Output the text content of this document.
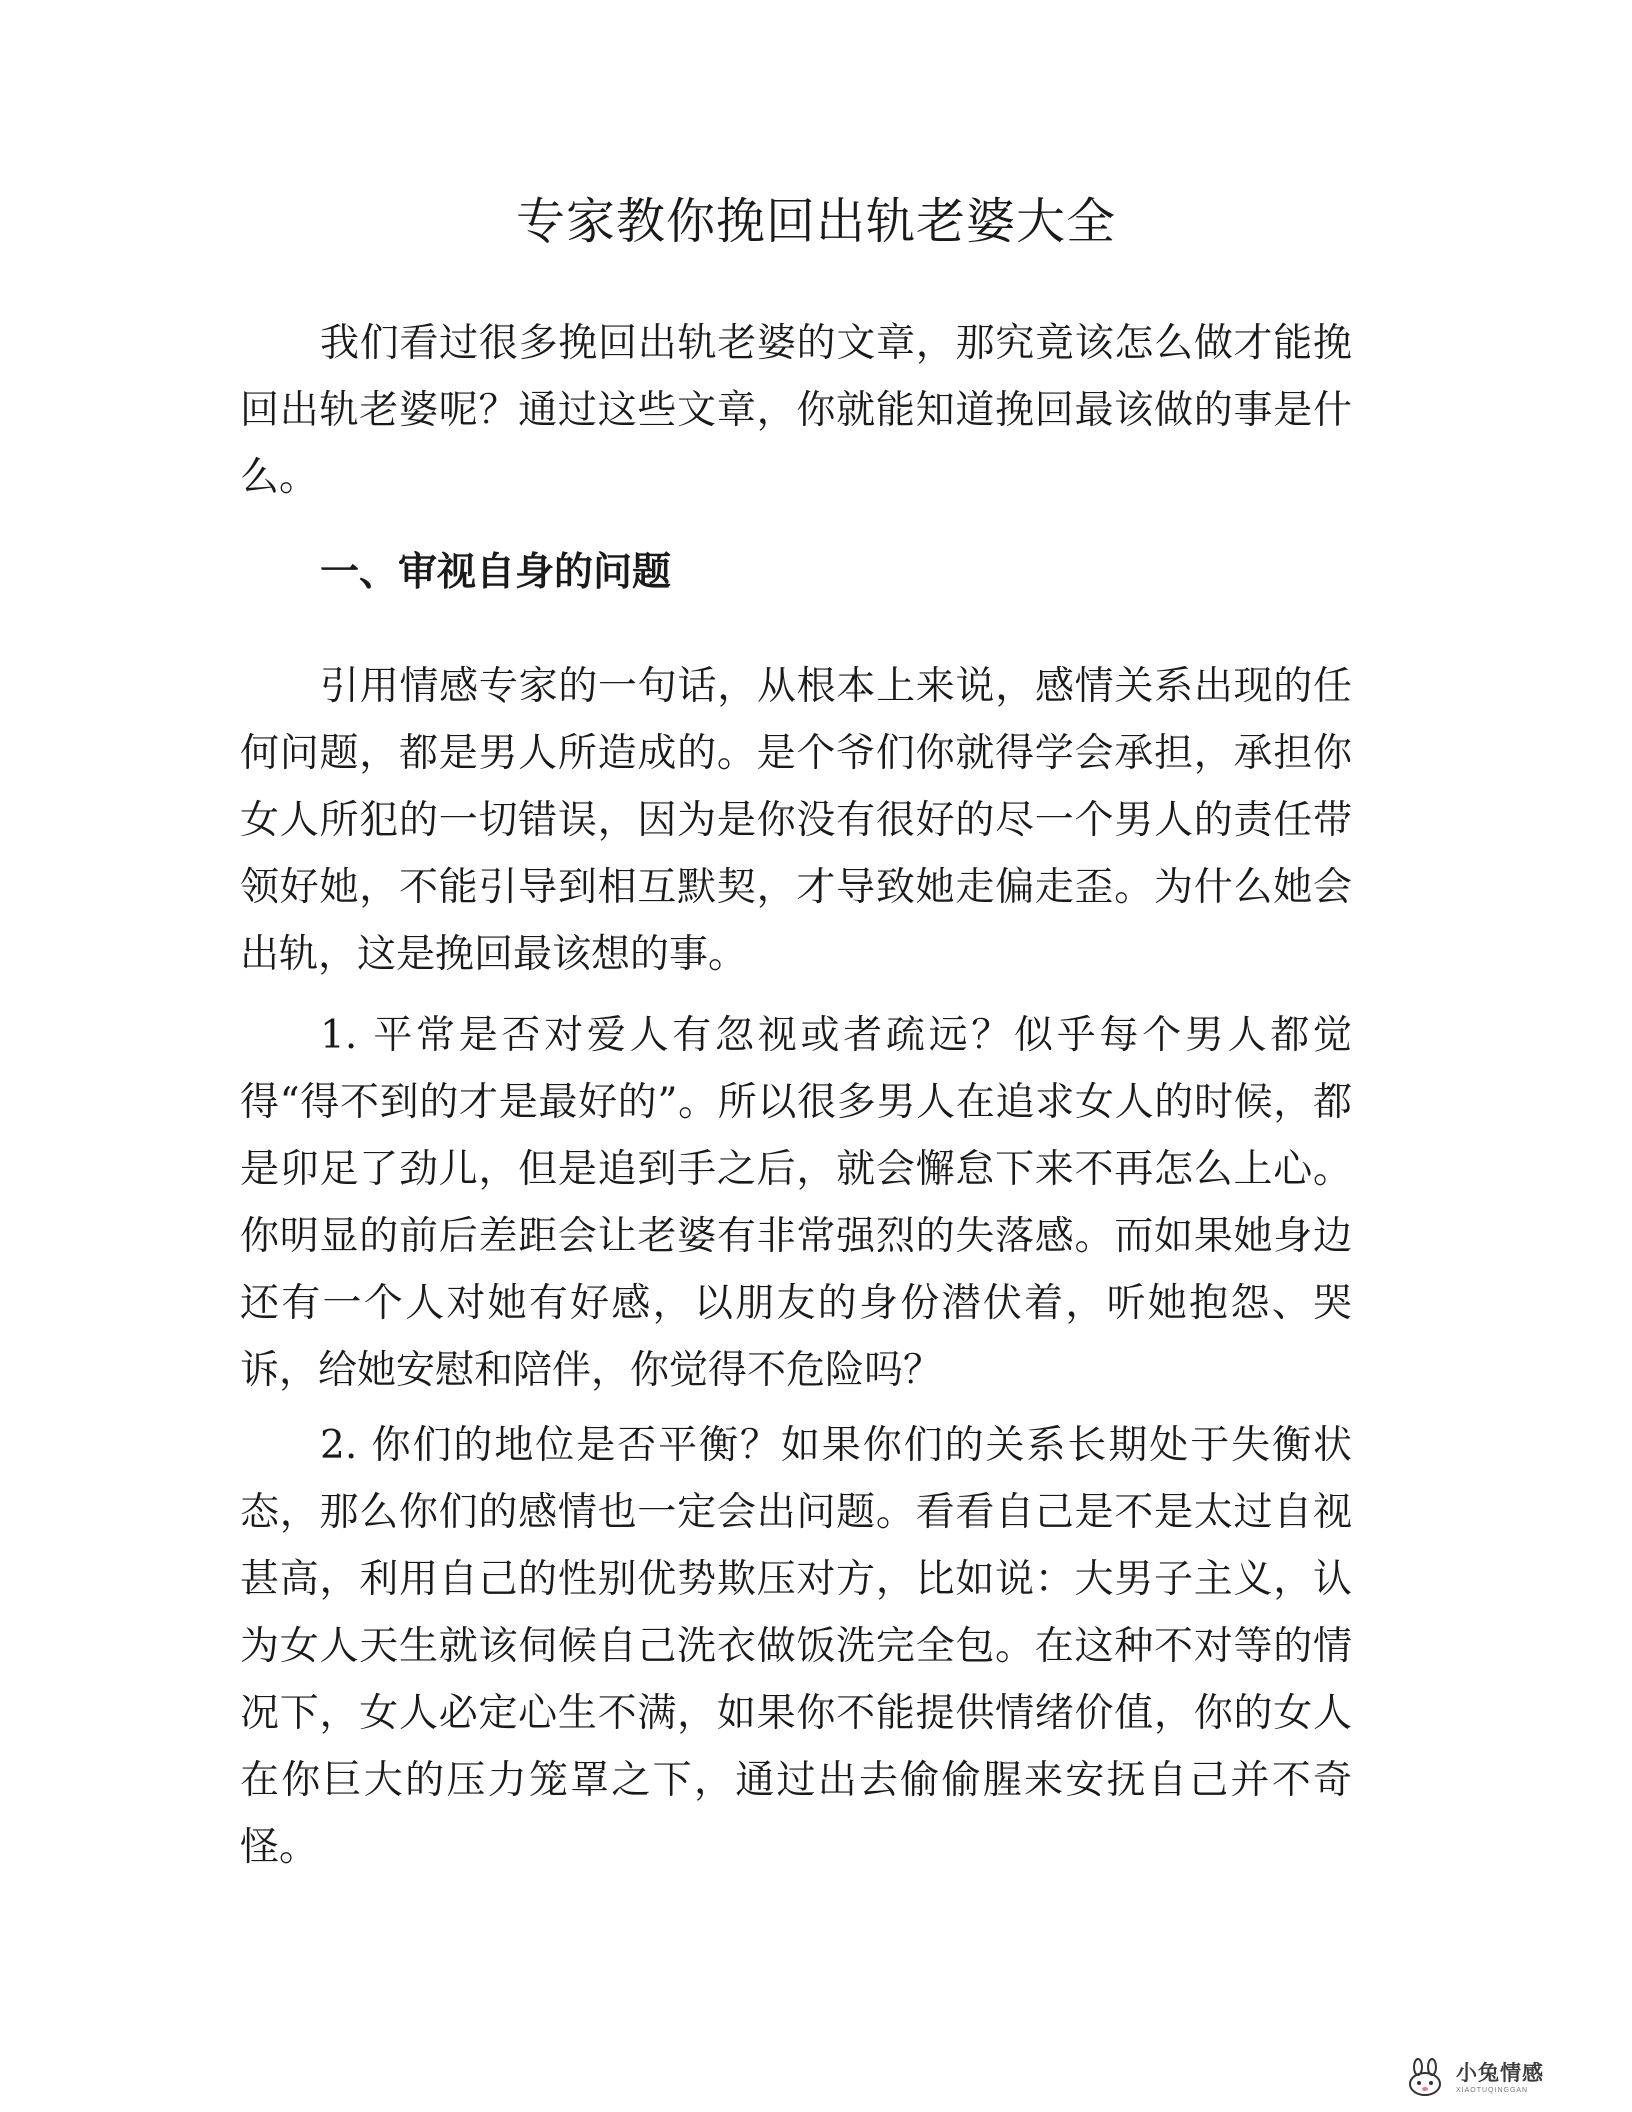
专家教你挽回出轨老婆大全

我们看过很多挽回出轨老婆的文章，那究竟该怎么做才能挽回出轨老婆呢？通过这些文章，你就能知道挽回最该做的事是什么。

一、审视自身的问题

引用情感专家的一句话，从根本上来说，感情关系出现的任何问题，都是男人所造成的。是个爷们你就得学会承担，承担你女人所犯的一切错误，因为是你没有很好的尽一个男人的责任带领好她，不能引导到相互默契，才导致她走偏走歪。为什么她会出轨，这是挽回最该想的事。

1. 平常是否对爱人有忽视或者疏远？似乎每个男人都觉得“得不到的才是最好的”。所以很多男人在追求女人的时候，都是卯足了劲儿，但是追到手之后，就会懈怠下来不再怎么上心。你明显的前后差距会让老婆有非常强烈的失落感。而如果她身边还有一个人对她有好感，以朋友的身份潜伏着，听她抱怨、哭诉，给她安慰和陪伴，你觉得不危险吗？

2. 你们的地位是否平衡？如果你们的关系长期处于失衡状态，那么你们的感情也一定会出问题。看看自己是不是太过自视甚高，利用自己的性别优势欺压对方，比如说：大男子主义，认为女人天生就该伺候自己洗衣做饭洗完全包。在这种不对等的情况下，女人必定心生不满，如果你不能提供情绪价值，你的女人在你巨大的压力笼罩之下，通过出去偷偷腥来安抚自己并不奇怪。

小兔情感
XIAOTUQINGGAN
